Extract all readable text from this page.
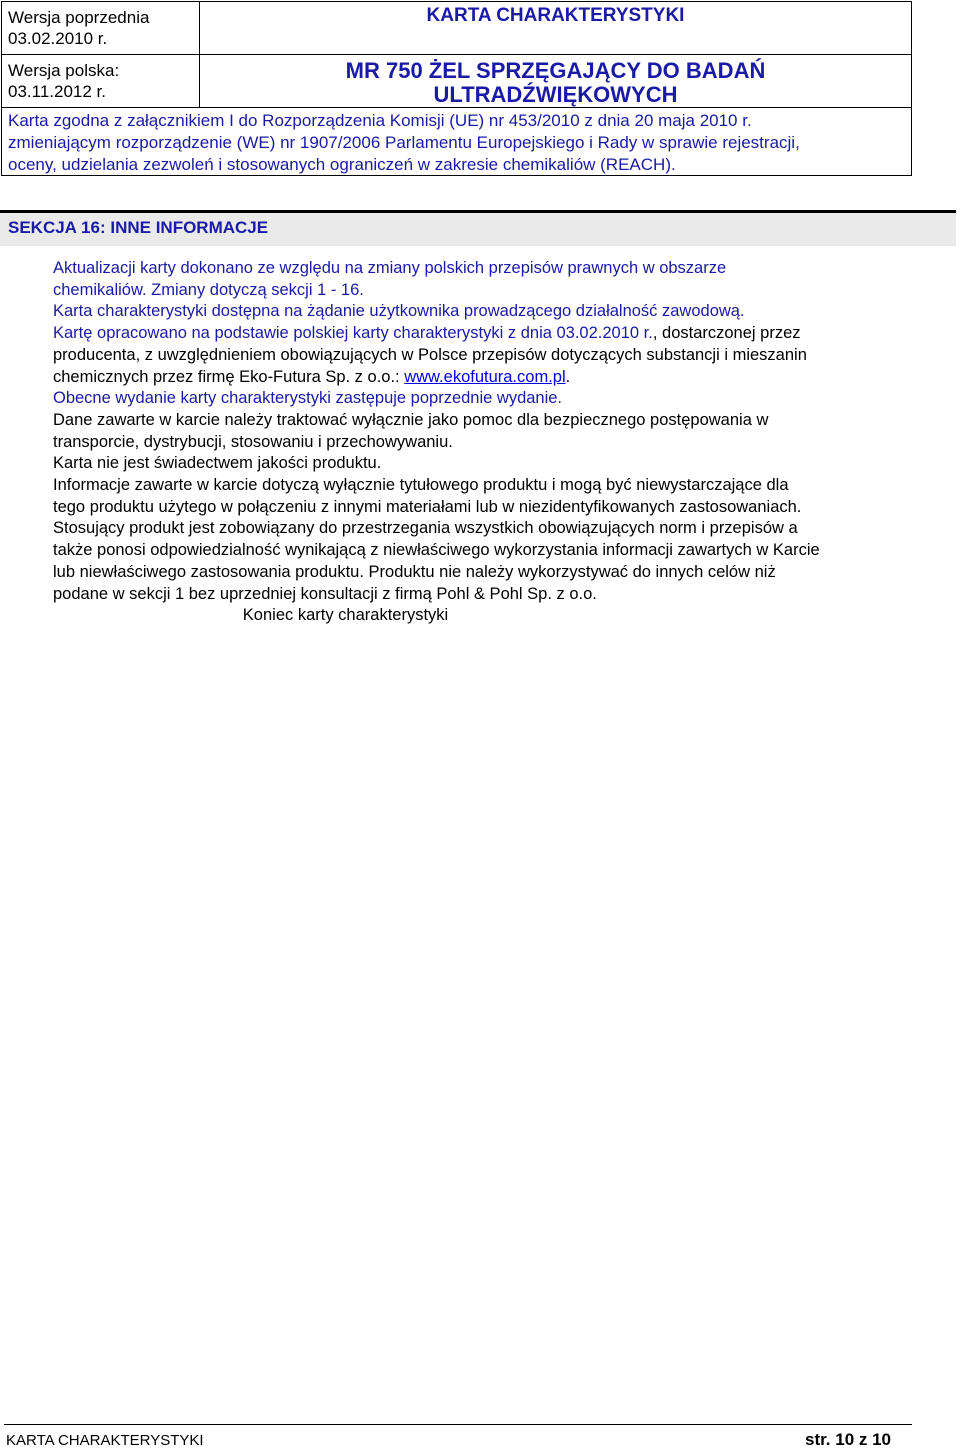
Wersja poprzednia
03.02.2010 r.
Wersja polska:
03.11.2012 r.
KARTA CHARAKTERYSTYKI
MR 750 ŻEL SPRZĘGAJĄCY DO BADAŃ
ULTRADŹWIĘKOWYCH
Karta zgodna z załącznikiem I do Rozporządzenia Komisji (UE) nr 453/2010 z dnia 20 maja 2010 r.
zmieniającym rozporządzenie (WE) nr 1907/2006 Parlamentu Europejskiego i Rady w sprawie rejestracji,
oceny, udzielania zezwoleń i stosowanych ograniczeń w zakresie chemikaliów (REACH).
SEKCJA 16: INNE INFORMACJE

Aktualizacji karty dokonano ze względu na zmiany polskich przepisów prawnych w obszarze

chemikaliów. Zmiany dotyczą sekcji 1 - 16.

Karta charakterystyki dostępna na żądanie użytkownika prowadzącego działalność zawodową.

Kartę opracowano na podstawie polskiej karty charakterystyki z dnia 03.02.2010 r., dostarczonej przez

producenta, z uwzględnieniem obowiązujących w Polsce przepisów dotyczących substancji i mieszanin

chemicznych przez firmę Eko-Futura Sp. z o.o.: www.ekofutura.com.pl.

Obecne wydanie karty charakterystyki zastępuje poprzednie wydanie.

Dane zawarte w karcie należy traktować wyłącznie jako pomoc dla bezpiecznego postępowania w

transporcie, dystrybucji, stosowaniu i przechowywaniu.

Karta nie jest świadectwem jakości produktu.

Informacje zawarte w karcie dotyczą wyłącznie tytułowego produktu i mogą być niewystarczające dla

tego produktu użytego w połączeniu z innymi materiałami lub w niezidentyfikowanych zastosowaniach.

Stosujący produkt jest zobowiązany do przestrzegania wszystkich obowiązujących norm i przepisów a

także ponosi odpowiedzialność wynikającą z niewłaściwego wykorzystania informacji zawartych w Karcie

lub niewłaściwego zastosowania produktu. Produktu nie należy wykorzystywać do innych celów niż

podane w sekcji 1 bez uprzedniej konsultacji z firmą Pohl & Pohl Sp. z o.o.

Koniec karty charakterystyki

KARTA CHARAKTERYSTYKI	str. 10 z 10
